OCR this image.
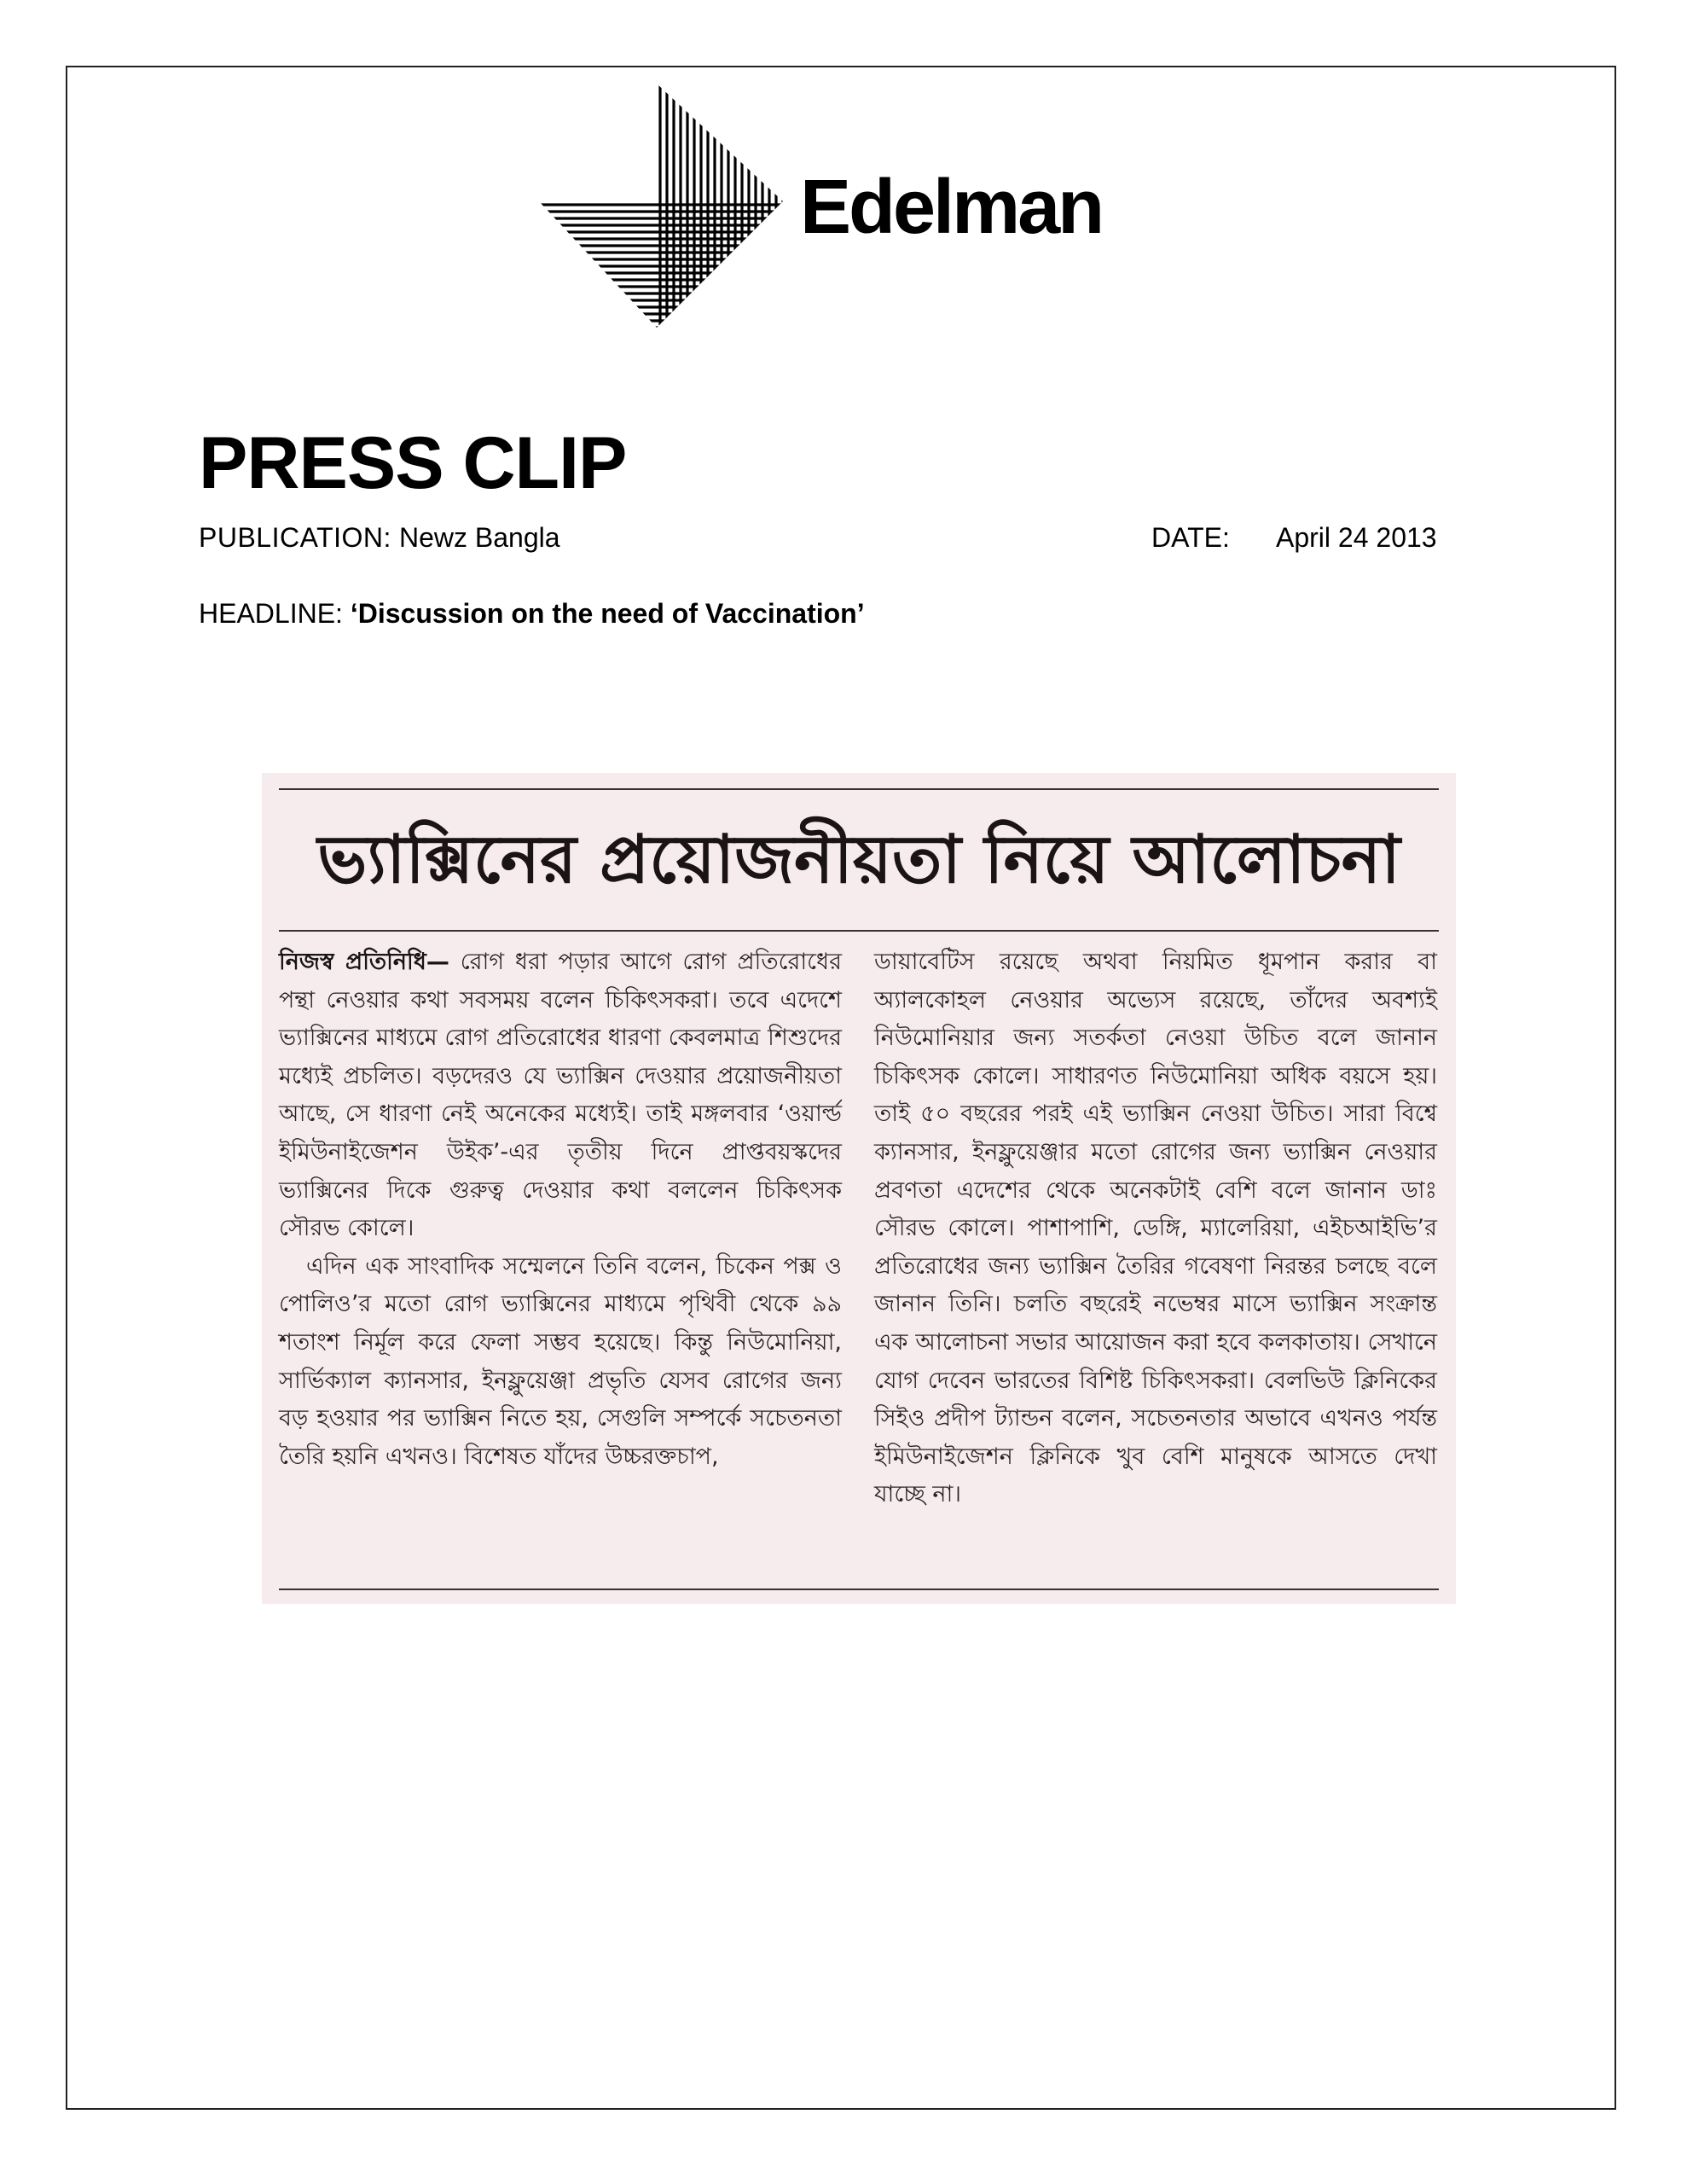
Edelman
PRESS CLIP
PUBLICATION: Newz Bangla	DATE: April 24 2013
HEADLINE: ‘Discussion on the need of Vaccination’
ভ্যাক্সিনের প্রয়োজনীয়তা নিয়ে আলোচনা

নিজস্ব প্রতিনিধি— রোগ ধরা পড়ার আগে রোগ প্রতিরোধের পন্থা নেওয়ার কথা সবসময় বলেন চিকিৎসকরা। তবে এদেশে ভ্যাক্সিনের মাধ্যমে রোগ প্রতিরোধের ধারণা কেবলমাত্র শিশুদের মধ্যেই প্রচলিত। বড়দেরও যে ভ্যাক্সিন দেওয়ার প্রয়োজনীয়তা আছে, সে ধারণা নেই অনেকের মধ্যেই। তাই মঙ্গলবার ‘ওয়ার্ল্ড ইমিউনাইজেশন উইক’-এর তৃতীয় দিনে প্রাপ্তবয়স্কদের ভ্যাক্সিনের দিকে গুরুত্ব দেওয়ার কথা বললেন চিকিৎসক সৌরভ কোলে।

এদিন এক সাংবাদিক সম্মেলনে তিনি বলেন, চিকেন পক্স ও পোলিও’র মতো রোগ ভ্যাক্সিনের মাধ্যমে পৃথিবী থেকে ৯৯ শতাংশ নির্মূল করে ফেলা সম্ভব হয়েছে। কিন্তু নিউমোনিয়া, সার্ভিক্যাল ক্যানসার, ইনফ্লুয়েঞ্জা প্রভৃতি যেসব রোগের জন্য বড় হওয়ার পর ভ্যাক্সিন নিতে হয়, সেগুলি সম্পর্কে সচেতনতা তৈরি হয়নি এখনও। বিশেষত যাঁদের উচ্চরক্তচাপ,

ডায়াবেটিস রয়েছে অথবা নিয়মিত ধূমপান করার বা অ্যালকোহল নেওয়ার অভ্যেস রয়েছে, তাঁদের অবশ্যই নিউমোনিয়ার জন্য সতর্কতা নেওয়া উচিত বলে জানান চিকিৎসক কোলে। সাধারণত নিউমোনিয়া অধিক বয়সে হয়। তাই ৫০ বছরের পরই এই ভ্যাক্সিন নেওয়া উচিত। সারা বিশ্বে ক্যানসার, ইনফ্লুয়েঞ্জার মতো রোগের জন্য ভ্যাক্সিন নেওয়ার প্রবণতা এদেশের থেকে অনেকটাই বেশি বলে জানান ডাঃ সৌরভ কোলে। পাশাপাশি, ডেঙ্গি, ম্যালেরিয়া, এইচআইভি’র প্রতিরোধের জন্য ভ্যাক্সিন তৈরির গবেষণা নিরন্তর চলছে বলে জানান তিনি। চলতি বছরেই নভেম্বর মাসে ভ্যাক্সিন সংক্রান্ত এক আলোচনা সভার আয়োজন করা হবে কলকাতায়। সেখানে যোগ দেবেন ভারতের বিশিষ্ট চিকিৎসকরা। বেলভিউ ক্লিনিকের সিইও প্রদীপ ট্যান্ডন বলেন, সচেতনতার অভাবে এখনও পর্যন্ত ইমিউনাইজেশন ক্লিনিকে খুব বেশি মানুষকে আসতে দেখা যাচ্ছে না।
